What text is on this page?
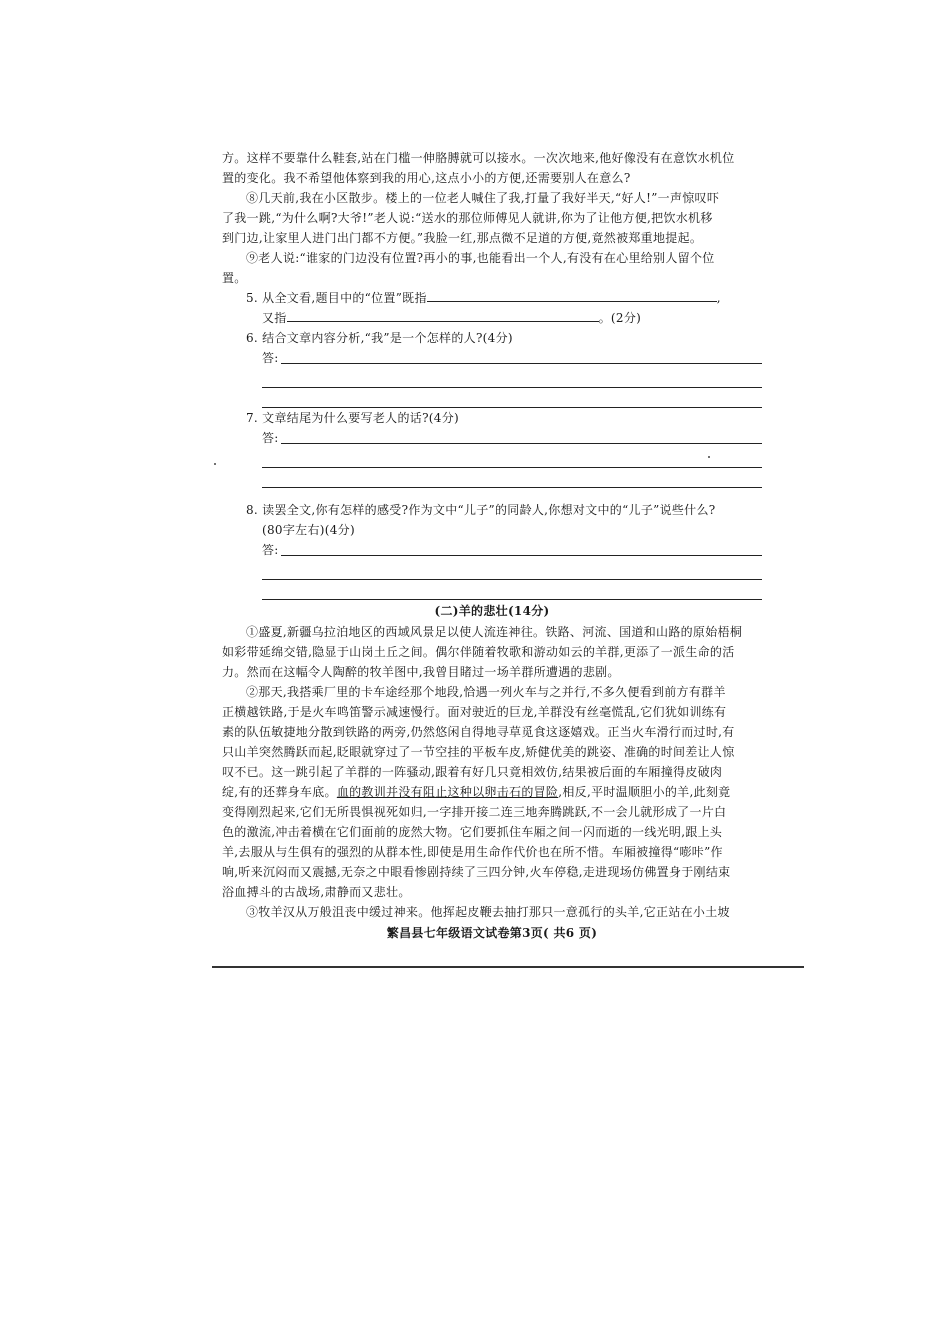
方。这样不要靠什么鞋套,站在门槛一伸胳膊就可以接水。一次次地来,他好像没有在意饮水机位
置的变化。我不希望他体察到我的用心,这点小小的方便,还需要别人在意么?
⑧几天前,我在小区散步。楼上的一位老人喊住了我,打量了我好半天,“好人!”一声惊叹吓
了我一跳,“为什么啊?大爷!”老人说:“送水的那位师傅见人就讲,你为了让他方便,把饮水机移
到门边,让家里人进门出门都不方便。”我脸一红,那点微不足道的方便,竟然被郑重地提起。
⑨老人说:“谁家的门边没有位置?再小的事,也能看出一个人,有没有在心里给别人留个位
置。
5. 从全文看,题目中的“位置”既指	,
又指	。(2分)
6. 结合文章内容分析,“我”是一个怎样的人?(4分)
答:
7. 文章结尾为什么要写老人的话?(4分)
答:
8. 读罢全文,你有怎样的感受?作为文中“儿子”的同龄人,你想对文中的“儿子”说些什么?
(80字左右)(4分)
答:
(二)羊的悲壮(14分)
①盛夏,新疆乌拉泊地区的西域风景足以使人流连神往。铁路、河流、国道和山路的原始梧桐
如彩带延绵交错,隐显于山岗土丘之间。偶尔伴随着牧歌和游动如云的羊群,更添了一派生命的活
力。然而在这幅令人陶醉的牧羊图中,我曾目睹过一场羊群所遭遇的悲剧。
②那天,我搭乘厂里的卡车途经那个地段,恰遇一列火车与之并行,不多久便看到前方有群羊
正横越铁路,于是火车鸣笛警示减速慢行。面对驶近的巨龙,羊群没有丝毫慌乱,它们犹如训练有
素的队伍敏捷地分散到铁路的两旁,仍然悠闲自得地寻草觅食这逐嬉戏。正当火车滑行而过时,有
只山羊突然腾跃而起,眨眼就穿过了一节空挂的平板车皮,矫健优美的跳姿、准确的时间差让人惊
叹不已。这一跳引起了羊群的一阵骚动,跟着有好几只竟相效仿,结果被后面的车厢撞得皮破肉
绽,有的还葬身车底。血的教训并没有阻止这种以卵击石的冒险,相反,平时温顺胆小的羊,此刻竟
变得刚烈起来,它们无所畏惧视死如归,一字排开接二连三地奔腾跳跃,不一会儿就形成了一片白
色的激流,冲击着横在它们面前的庞然大物。它们要抓住车厢之间一闪而逝的一线光明,跟上头
羊,去服从与生俱有的强烈的从群本性,即使是用生命作代价也在所不惜。车厢被撞得“嘭咔”作
响,听来沉闷而又震撼,无奈之中眼看惨剧持续了三四分钟,火车停稳,走进现场仿佛置身于刚结束
浴血搏斗的古战场,肃静而又悲壮。
③牧羊汉从万般沮丧中缓过神来。他挥起皮鞭去抽打那只一意孤行的头羊,它正站在小土坡
繁昌县七年级语文试卷第3页( 共6 页)
